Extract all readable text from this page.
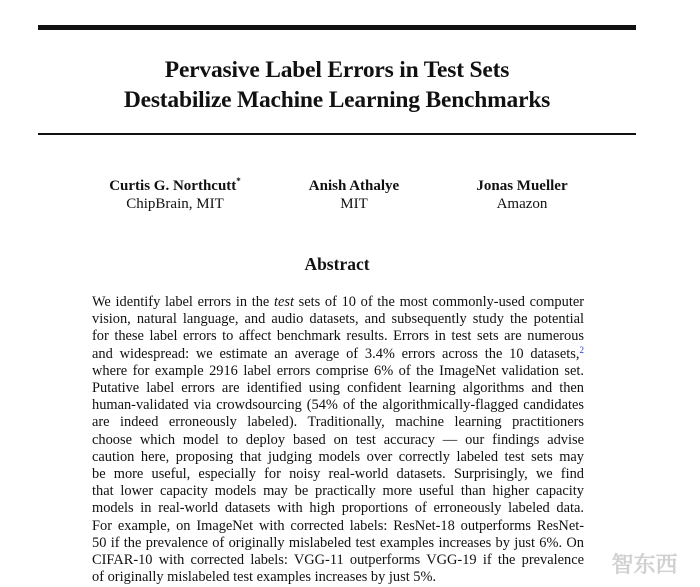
Pervasive Label Errors in Test Sets
Destabilize Machine Learning Benchmarks
Curtis G. Northcutt*
ChipBrain, MIT
Anish Athalye
MIT
Jonas Mueller
Amazon
Abstract
We identify label errors in the test sets of 10 of the most commonly-used computer
vision, natural language, and audio datasets, and subsequently study the potential
for these label errors to affect benchmark results. Errors in test sets are numerous
and widespread: we estimate an average of 3.4% errors across the 10 datasets,$^2$
where for example 2916 label errors comprise 6% of the ImageNet validation set.
Putative label errors are identified using confident learning algorithms and then
human-validated via crowdsourcing (54% of the algorithmically-flagged candidates
are indeed erroneously labeled). Traditionally, machine learning practitioners
choose which model to deploy based on test accuracy — our findings advise
caution here, proposing that judging models over correctly labeled test sets may
be more useful, especially for noisy real-world datasets. Surprisingly, we find
that lower capacity models may be practically more useful than higher capacity
models in real-world datasets with high proportions of erroneously labeled data.
For example, on ImageNet with corrected labels: ResNet-18 outperforms ResNet-
50 if the prevalence of originally mislabeled test examples increases by just 6%. On
CIFAR-10 with corrected labels: VGG-11 outperforms VGG-19 if the prevalence
of originally mislabeled test examples increases by just 5%.	智东西
